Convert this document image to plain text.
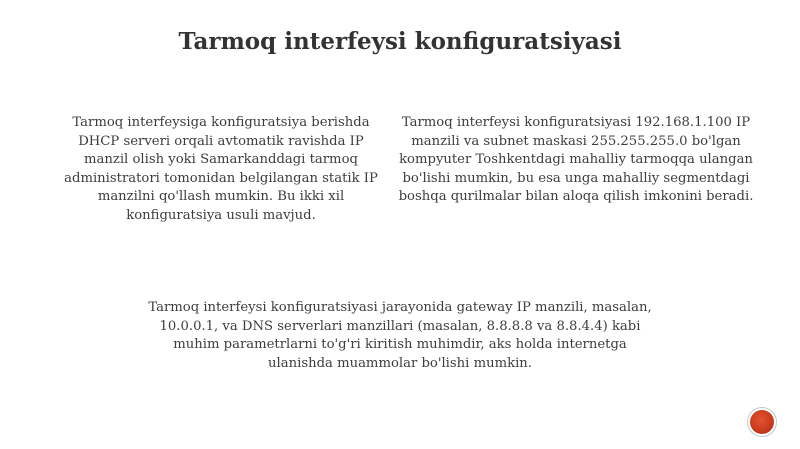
Tarmoq interfeysi konfiguratsiyasi

Tarmoq interfeysiga konfiguratsiya berishda DHCP serveri orqali avtomatik ravishda IP manzil olish yoki Samarkanddagi tarmoq administratori tomonidan belgilangan statik IP manzilni qo'llash mumkin. Bu ikki xil konfiguratsiya usuli mavjud.

Tarmoq interfeysi konfiguratsiyasi 192.168.1.100 IP manzili va subnet maskasi 255.255.255.0 bo'lgan kompyuter Toshkentdagi mahalliy tarmoqqa ulangan bo'lishi mumkin, bu esa unga mahalliy segmentdagi boshqa qurilmalar bilan aloqa qilish imkonini beradi.

Tarmoq interfeysi konfiguratsiyasi jarayonida gateway IP manzili, masalan, 10.0.0.1, va DNS serverlari manzillari (masalan, 8.8.8.8 va 8.8.4.4) kabi muhim parametrlarni to'g'ri kiritish muhimdir, aks holda internetga ulanishda muammolar bo'lishi mumkin.
